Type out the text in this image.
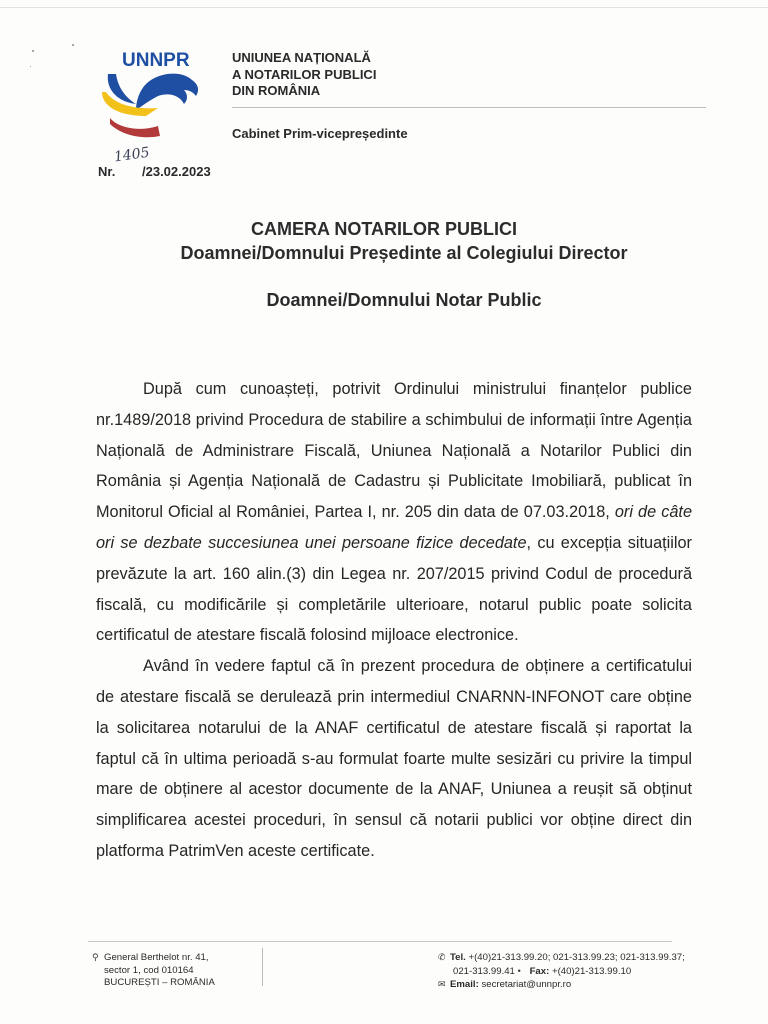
UNNPR	UNIUNEA NAȚIONALĂ
A NOTARILOR PUBLICI
DIN ROMÂNIA
Cabinet Prim-vicepreședinte
1405
Nr. /23.02.2023
CAMERA NOTARILOR PUBLICI
Doamnei/Domnului Președinte al Colegiului Director
Doamnei/Domnului Notar Public

După cum cunoașteți, potrivit Ordinului ministrului finanțelor publice nr.1489/2018 privind Procedura de stabilire a schimbului de informații între Agenția Națională de Administrare Fiscală, Uniunea Națională a Notarilor Publici din România și Agenția Națională de Cadastru și Publicitate Imobiliară, publicat în Monitorul Oficial al României, Partea I, nr. 205 din data de 07.03.2018, ori de câte ori se dezbate succesiunea unei persoane fizice decedate, cu excepția situațiilor prevăzute la art. 160 alin.(3) din Legea nr. 207/2015 privind Codul de procedură fiscală, cu modificările și completările ulterioare, notarul public poate solicita certificatul de atestare fiscală folosind mijloace electronice.

Având în vedere faptul că în prezent procedura de obținere a certificatului de atestare fiscală se derulează prin intermediul CNARNN-INFONOT care obține la solicitarea notarului de la ANAF certificatul de atestare fiscală și raportat la faptul că în ultima perioadă s-au formulat foarte multe sesizări cu privire la timpul mare de obținere al acestor documente de la ANAF, Uniunea a reușit să obținut simplificarea acestei proceduri, în sensul că notarii publici vor obține direct din platforma PatrimVen aceste certificate.

⚲ General Berthelot nr. 41,
sector 1, cod 010164
BUCUREȘTI – ROMÂNIA
✆ Tel. +(40)21-313.99.20; 021-313.99.23; 021-313.99.37;
021-313.99.41 • Fax: +(40)21-313.99.10
✉ Email: secretariat@unnpr.ro
